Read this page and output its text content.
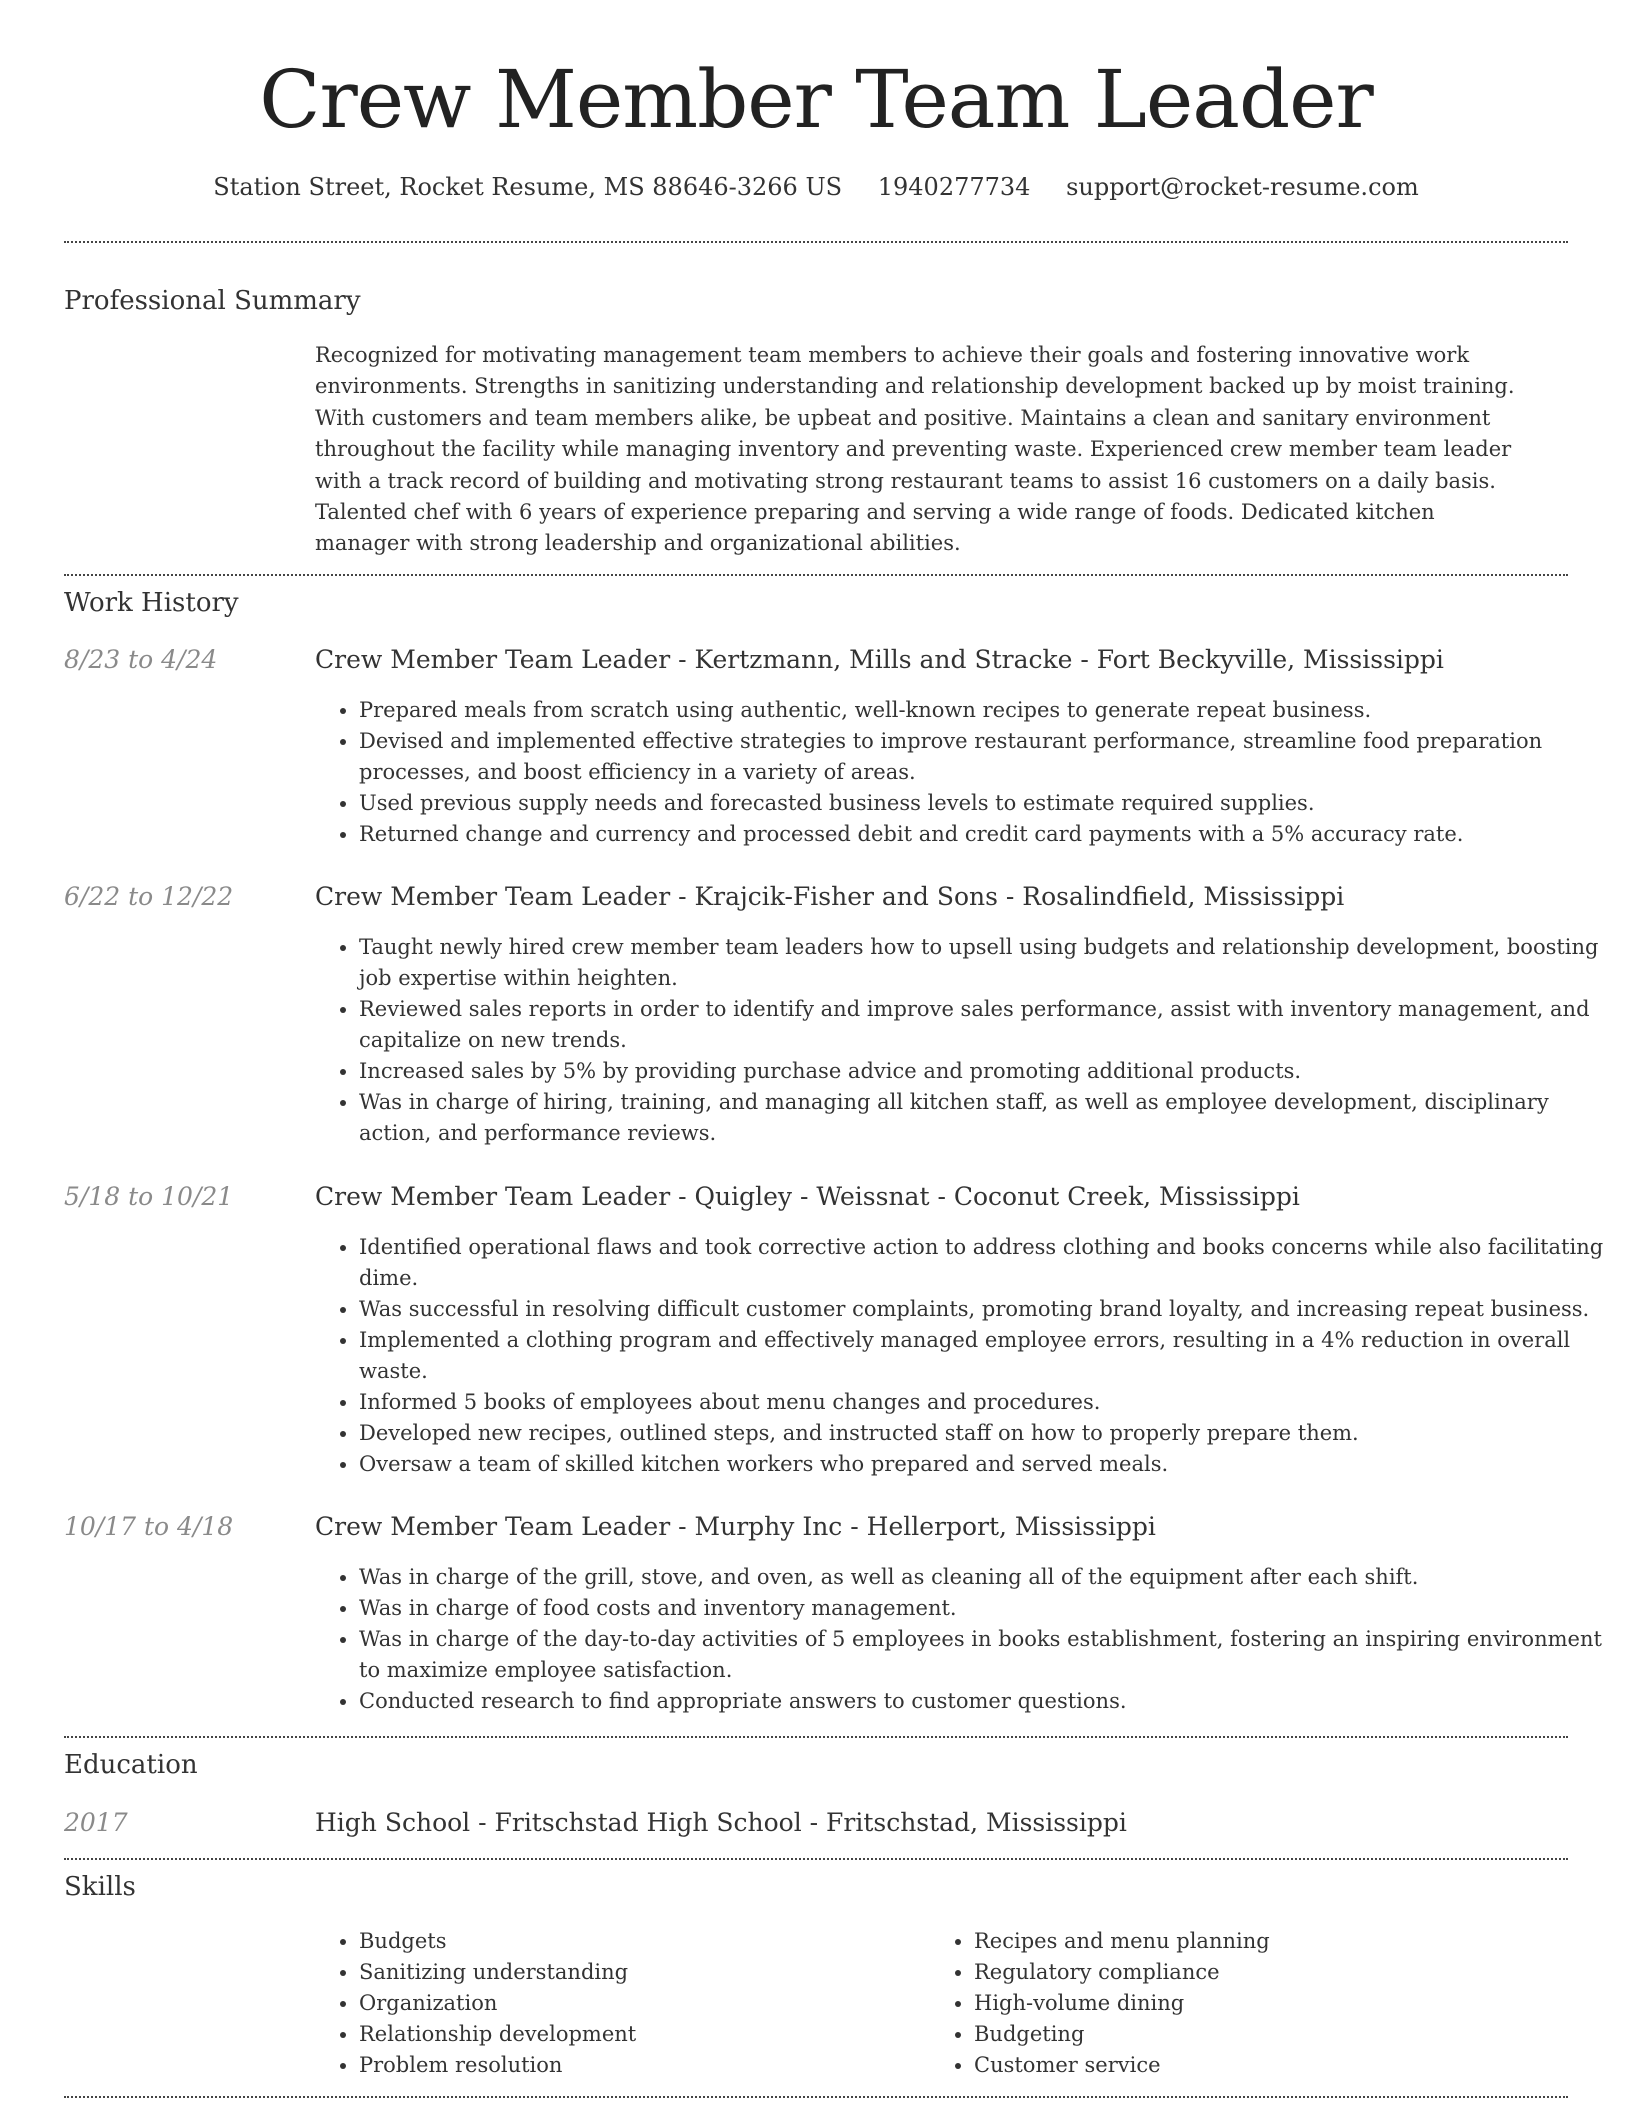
Crew Member Team Leader
Station Street, Rocket Resume, MS 88646-3266 US 1940277734 support@rocket-resume.com
Professional Summary

Recognized for motivating management team members to achieve their goals and fostering innovative work environments. Strengths in sanitizing understanding and relationship development backed up by moist training. With customers and team members alike, be upbeat and positive. Maintains a clean and sanitary environment throughout the facility while managing inventory and preventing waste. Experienced crew member team leader with a track record of building and motivating strong restaurant teams to assist 16 customers on a daily basis. Talented chef with 6 years of experience preparing and serving a wide range of foods. Dedicated kitchen manager with strong leadership and organizational abilities.

Work History
8/23 to 4/24	Crew Member Team Leader - Kertzmann, Mills and Stracke - Fort Beckyville, Mississippi
• Prepared meals from scratch using authentic, well-known recipes to generate repeat business.
• Devised and implemented effective strategies to improve restaurant performance, streamline food preparation processes, and boost efficiency in a variety of areas.
• Used previous supply needs and forecasted business levels to estimate required supplies.
• Returned change and currency and processed debit and credit card payments with a 5% accuracy rate.
6/22 to 12/22	Crew Member Team Leader - Krajcik-Fisher and Sons - Rosalindfield, Mississippi
• Taught newly hired crew member team leaders how to upsell using budgets and relationship development, boosting job expertise within heighten.
• Reviewed sales reports in order to identify and improve sales performance, assist with inventory management, and capitalize on new trends.
• Increased sales by 5% by providing purchase advice and promoting additional products.
• Was in charge of hiring, training, and managing all kitchen staff, as well as employee development, disciplinary action, and performance reviews.
5/18 to 10/21	Crew Member Team Leader - Quigley - Weissnat - Coconut Creek, Mississippi
• Identified operational flaws and took corrective action to address clothing and books concerns while also facilitating dime.
• Was successful in resolving difficult customer complaints, promoting brand loyalty, and increasing repeat business.
• Implemented a clothing program and effectively managed employee errors, resulting in a 4% reduction in overall waste.
• Informed 5 books of employees about menu changes and procedures.
• Developed new recipes, outlined steps, and instructed staff on how to properly prepare them.
• Oversaw a team of skilled kitchen workers who prepared and served meals.
10/17 to 4/18	Crew Member Team Leader - Murphy Inc - Hellerport, Mississippi
• Was in charge of the grill, stove, and oven, as well as cleaning all of the equipment after each shift.
• Was in charge of food costs and inventory management.
• Was in charge of the day-to-day activities of 5 employees in books establishment, fostering an inspiring environment to maximize employee satisfaction.
• Conducted research to find appropriate answers to customer questions.
Education
2017	High School - Fritschstad High School - Fritschstad, Mississippi
Skills
• Budgets
• Sanitizing understanding
• Organization
• Relationship development
• Problem resolution
• Recipes and menu planning
• Regulatory compliance
• High-volume dining
• Budgeting
• Customer service
